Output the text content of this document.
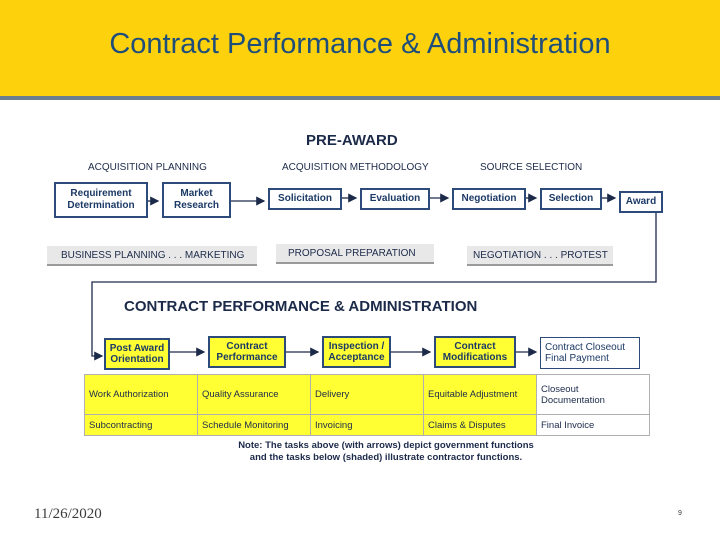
Contract Performance & Administration
PRE-AWARD
ACQUISITION PLANNING	ACQUISITION METHODOLOGY	SOURCE SELECTION
Requirement
Determination
Market
Research
Solicitation	Evaluation	Negotiation	Selection	Award
BUSINESS PLANNING . . . MARKETING	PROPOSAL PREPARATION	NEGOTIATION . . . PROTEST
CONTRACT PERFORMANCE & ADMINISTRATION
Post Award
Orientation
Contract
Performance
Inspection /
Acceptance
Contract
Modifications
Contract Closeout
Final Payment
Work Authorization	Quality Assurance	Delivery	Equitable Adjustment	Closeout
Documentation
Subcontracting	Schedule Monitoring	Invoicing	Claims & Disputes	Final Invoice
Note: The tasks above (with arrows) depict government functions and the tasks below (shaded) illustrate contractor functions.
11/26/2020	9
